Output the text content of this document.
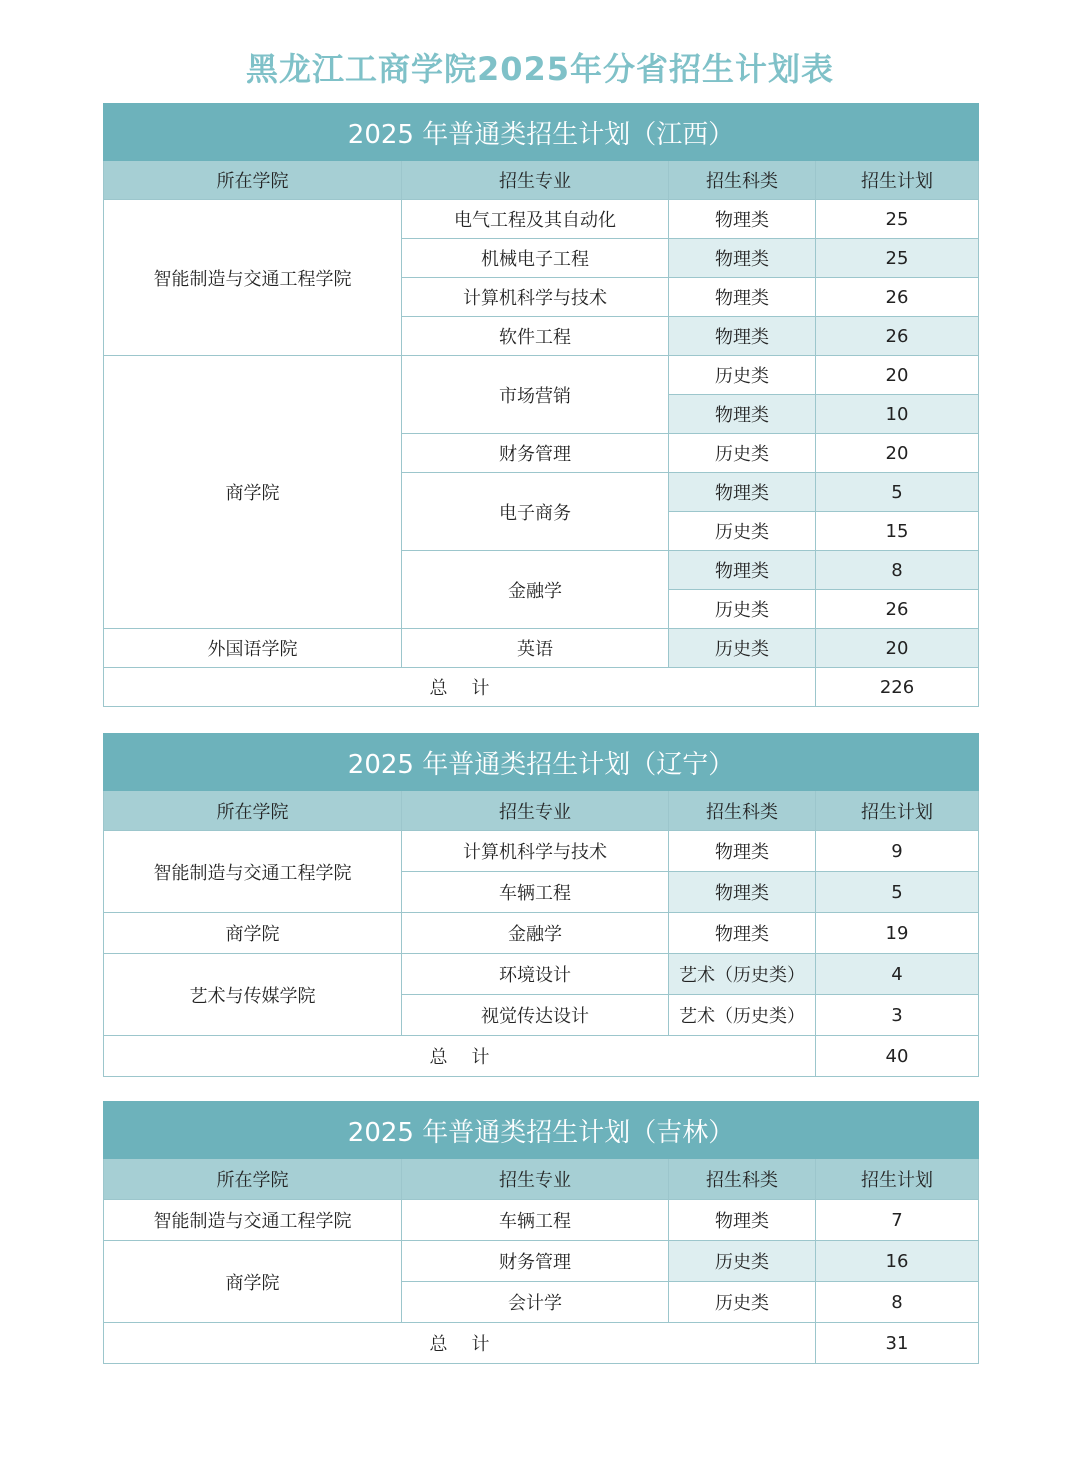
黑龙江工商学院2025年分省招生计划表
2025 年普通类招生计划（江西）			
所在学院	招生专业	招生科类	招生计划
智能制造与交通工程学院	电气工程及其自动化	物理类	25
	机械电子工程	物理类	25
	计算机科学与技术	物理类	26
	软件工程	物理类	26
商学院	市场营销	历史类	20
		物理类	10
	财务管理	历史类	20
	电子商务	物理类	5
		历史类	15
	金融学	物理类	8
		历史类	26
外国语学院	英语	历史类	20
总 计			226
2025 年普通类招生计划（辽宁）			
所在学院	招生专业	招生科类	招生计划
智能制造与交通工程学院	计算机科学与技术	物理类	9
	车辆工程	物理类	5
商学院	金融学	物理类	19
艺术与传媒学院	环境设计	艺术（历史类）	4
	视觉传达设计	艺术（历史类）	3
总 计			40
2025 年普通类招生计划（吉林）			
所在学院	招生专业	招生科类	招生计划
智能制造与交通工程学院	车辆工程	物理类	7
商学院	财务管理	历史类	16
	会计学	历史类	8
总 计			31
